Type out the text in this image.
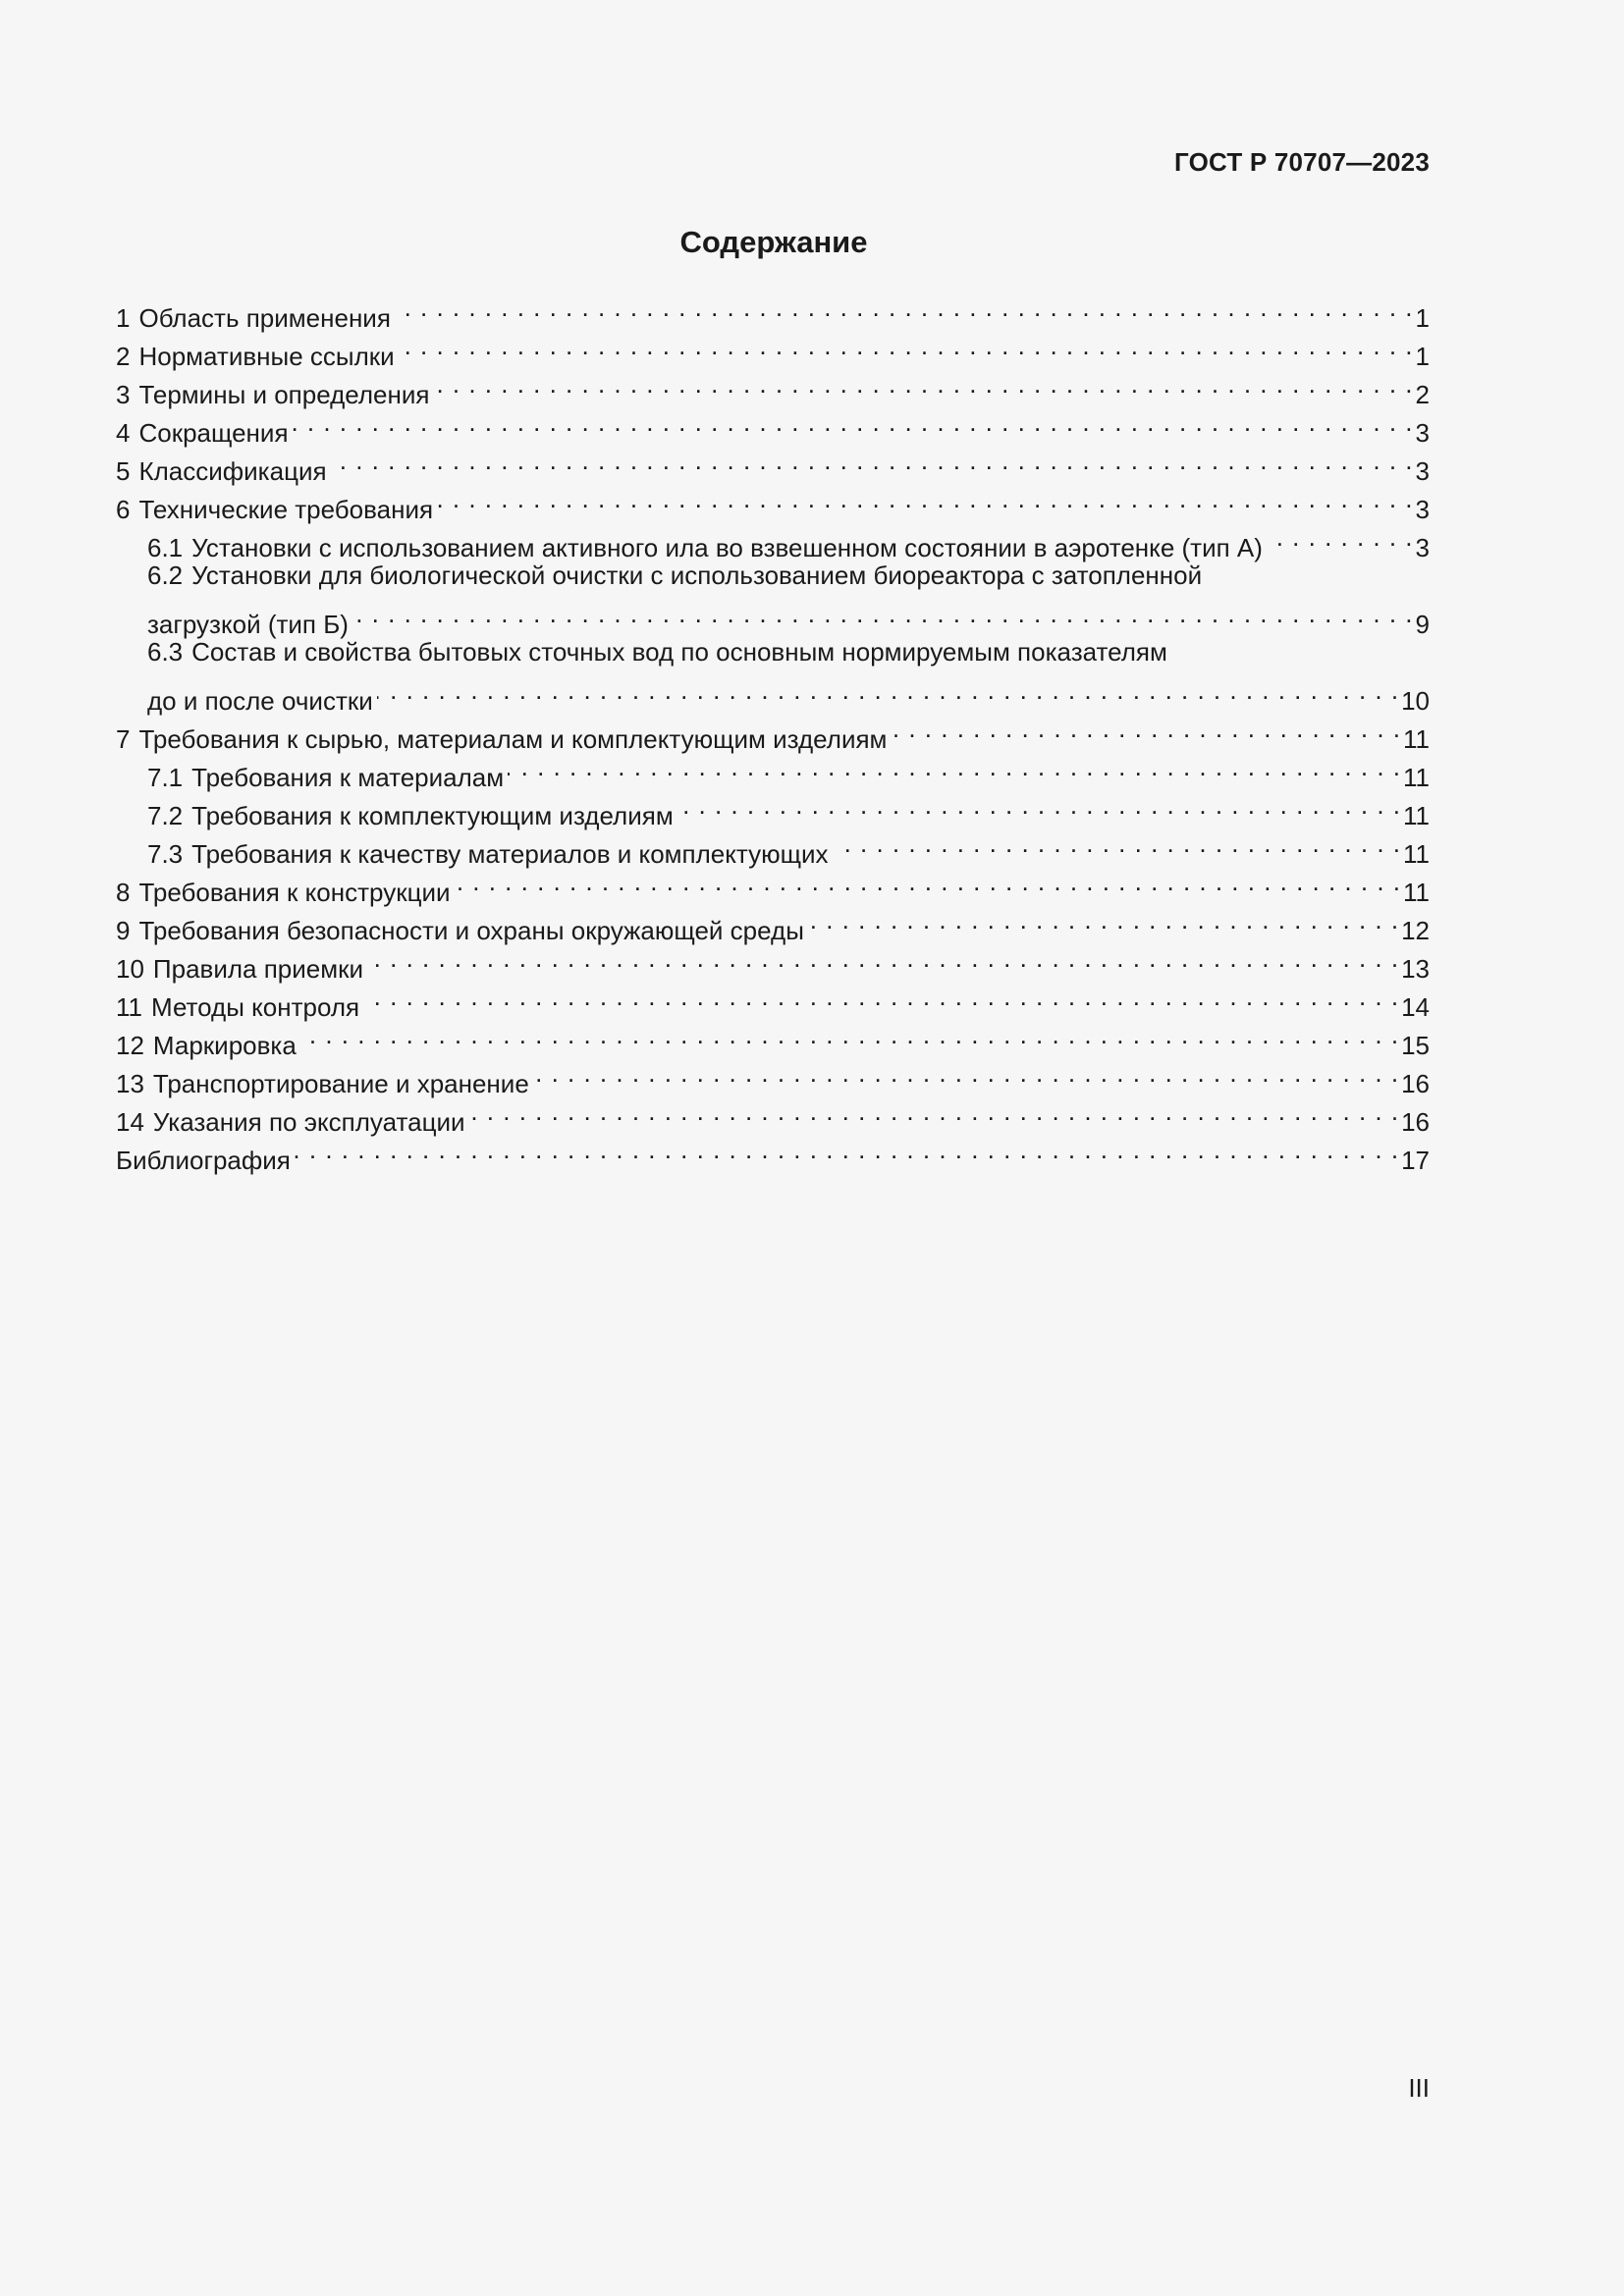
ГОСТ Р 70707—2023
Содержание
1 Область применения . . .	1
2 Нормативные ссылки . . .	1
3 Термины и определения . . .	2
4 Сокращения . . .	3
5 Классификация . . .	3
6 Технические требования . . .	3
6.1 Установки с использованием активного ила во взвешенном состоянии в аэротенке (тип А) . . .	3
6.2 Установки для биологической очистки с использованием биореактора с затопленной
загрузкой (тип Б) . . .	9
6.3 Состав и свойства бытовых сточных вод по основным нормируемым показателям
до и после очистки . . .	10
7 Требования к сырью, материалам и комплектующим изделиям . . .	11
7.1 Требования к материалам . . .	11
7.2 Требования к комплектующим изделиям . . .	11
7.3 Требования к качеству материалов и комплектующих . . .	11
8 Требования к конструкции . . .	11
9 Требования безопасности и охраны окружающей среды . . .	12
10 Правила приемки . . .	13
11 Методы контроля . . .	14
12 Маркировка . . .	15
13 Транспортирование и хранение . . .	16
14 Указания по эксплуатации . . .	16
Библиография . . .	17
III
